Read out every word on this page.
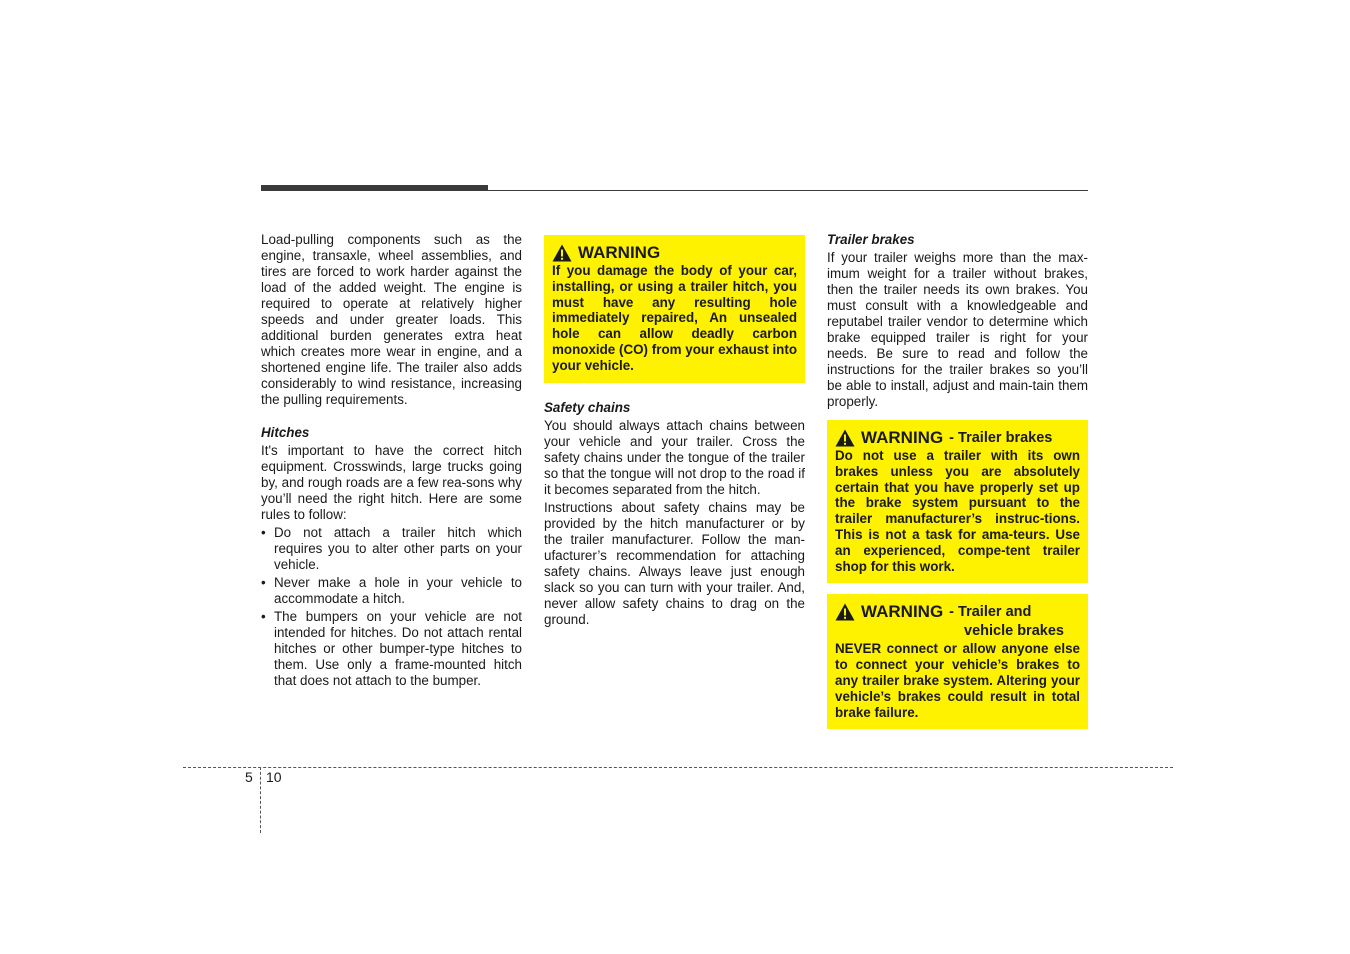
Load-pulling components such as the engine, transaxle, wheel assemblies, and tires are forced to work harder against the load of the added weight. The engine is required to operate at relatively higher speeds and under greater loads. This additional burden generates extra heat which creates more wear in engine, and a shortened engine life. The trailer also adds considerably to wind resistance, increasing the pulling requirements.

Hitches

It's important to have the correct hitch equipment. Crosswinds, large trucks going by, and rough roads are a few rea-sons why you’ll need the right hitch. Here are some rules to follow:

• Do not attach a trailer hitch which requires you to alter other parts on your vehicle.
• Never make a hole in your vehicle to accommodate a hitch.
• The bumpers on your vehicle are not intended for hitches. Do not attach rental hitches or other bumper-type hitches to them. Use only a frame-mounted hitch that does not attach to the bumper.
WARNING
If you damage the body of your car, installing, or using a trailer hitch, you must have any resulting hole immediately repaired, An unsealed hole can allow deadly carbon monoxide (CO) from your exhaust into your vehicle.
Safety chains

You should always attach chains between your vehicle and your trailer. Cross the safety chains under the tongue of the trailer so that the tongue will not drop to the road if it becomes separated from the hitch.

Instructions about safety chains may be provided by the hitch manufacturer or by the trailer manufacturer. Follow the man-ufacturer’s recommendation for attaching safety chains. Always leave just enough slack so you can turn with your trailer. And, never allow safety chains to drag on the ground.

Trailer brakes

If your trailer weighs more than the max-imum weight for a trailer without brakes, then the trailer needs its own brakes. You must consult with a knowledgeable and reputabel trailer vendor to determine which brake equipped trailer is right for your needs. Be sure to read and follow the instructions for the trailer brakes so you’ll be able to install, adjust and main-tain them properly.

WARNING - Trailer brakes
Do not use a trailer with its own brakes unless you are absolutely certain that you have properly set up the brake system pursuant to the trailer manufacturer’s instruc-tions. This is not a task for ama-teurs. Use an experienced, compe-tent trailer shop for this work.
WARNING - Trailer and
vehicle brakes
NEVER connect or allow anyone else to connect your vehicle’s brakes to any trailer brake system. Altering your vehicle’s brakes could result in total brake failure.
5 10
